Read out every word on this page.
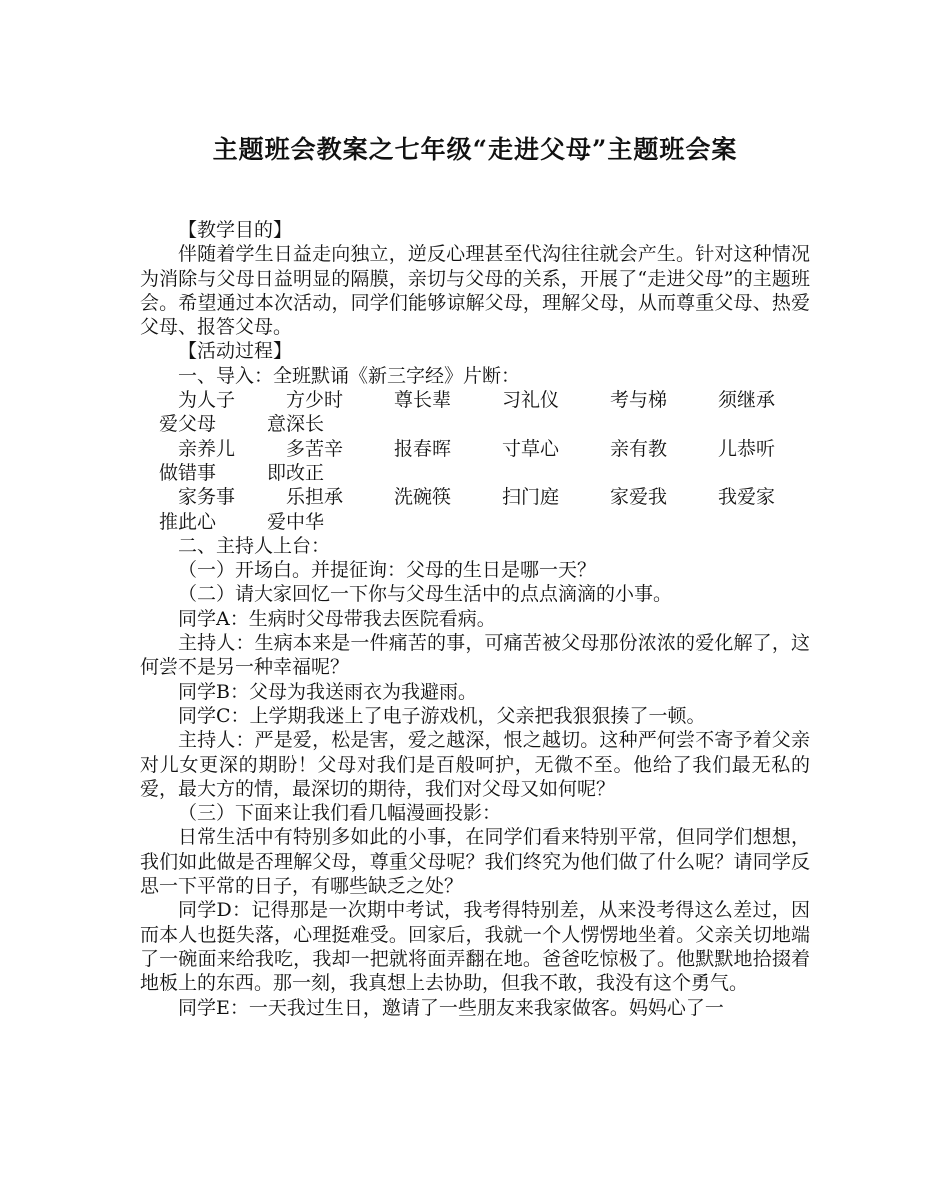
主题班会教案之七年级“走进父母”主题班会案

【教学目的】

伴随着学生日益走向独立，逆反心理甚至代沟往往就会产生。针对这种情况为消除与父母日益明显的隔膜，亲切与父母的关系，开展了“走进父母”的主题班会。希望通过本次活动，同学们能够谅解父母，理解父母，从而尊重父母、热爱父母、报答父母。

【活动过程】

一、导入：全班默诵《新三字经》片断：

为人子	方少时	尊长辈	习礼仪	考与梯	须继承
爱父母	意深长
亲养儿	多苦辛	报春晖	寸草心	亲有教	儿恭听
做错事	即改正
家务事	乐担承	洗碗筷	扫门庭	家爱我	我爱家
推此心	爱中华

二、主持人上台：

（一）开场白。并提征询：父母的生日是哪一天？

（二）请大家回忆一下你与父母生活中的点点滴滴的小事。

同学A：生病时父母带我去医院看病。

主持人：生病本来是一件痛苦的事，可痛苦被父母那份浓浓的爱化解了，这何尝不是另一种幸福呢？

同学B：父母为我送雨衣为我避雨。

同学C：上学期我迷上了电子游戏机，父亲把我狠狠揍了一顿。

主持人：严是爱，松是害，爱之越深，恨之越切。这种严何尝不寄予着父亲对儿女更深的期盼！父母对我们是百般呵护，无微不至。他给了我们最无私的爱，最大方的情，最深切的期待，我们对父母又如何呢？

（三）下面来让我们看几幅漫画投影：

日常生活中有特别多如此的小事，在同学们看来特别平常，但同学们想想，我们如此做是否理解父母，尊重父母呢？我们终究为他们做了什么呢？请同学反思一下平常的日子，有哪些缺乏之处？

同学D：记得那是一次期中考试，我考得特别差，从来没考得这么差过，因而本人也挺失落，心理挺难受。回家后，我就一个人愣愣地坐着。父亲关切地端了一碗面来给我吃，我却一把就将面弄翻在地。爸爸吃惊极了。他默默地拾掇着地板上的东西。那一刻，我真想上去协助，但我不敢，我没有这个勇气。

同学E：一天我过生日，邀请了一些朋友来我家做客。妈妈心了一
